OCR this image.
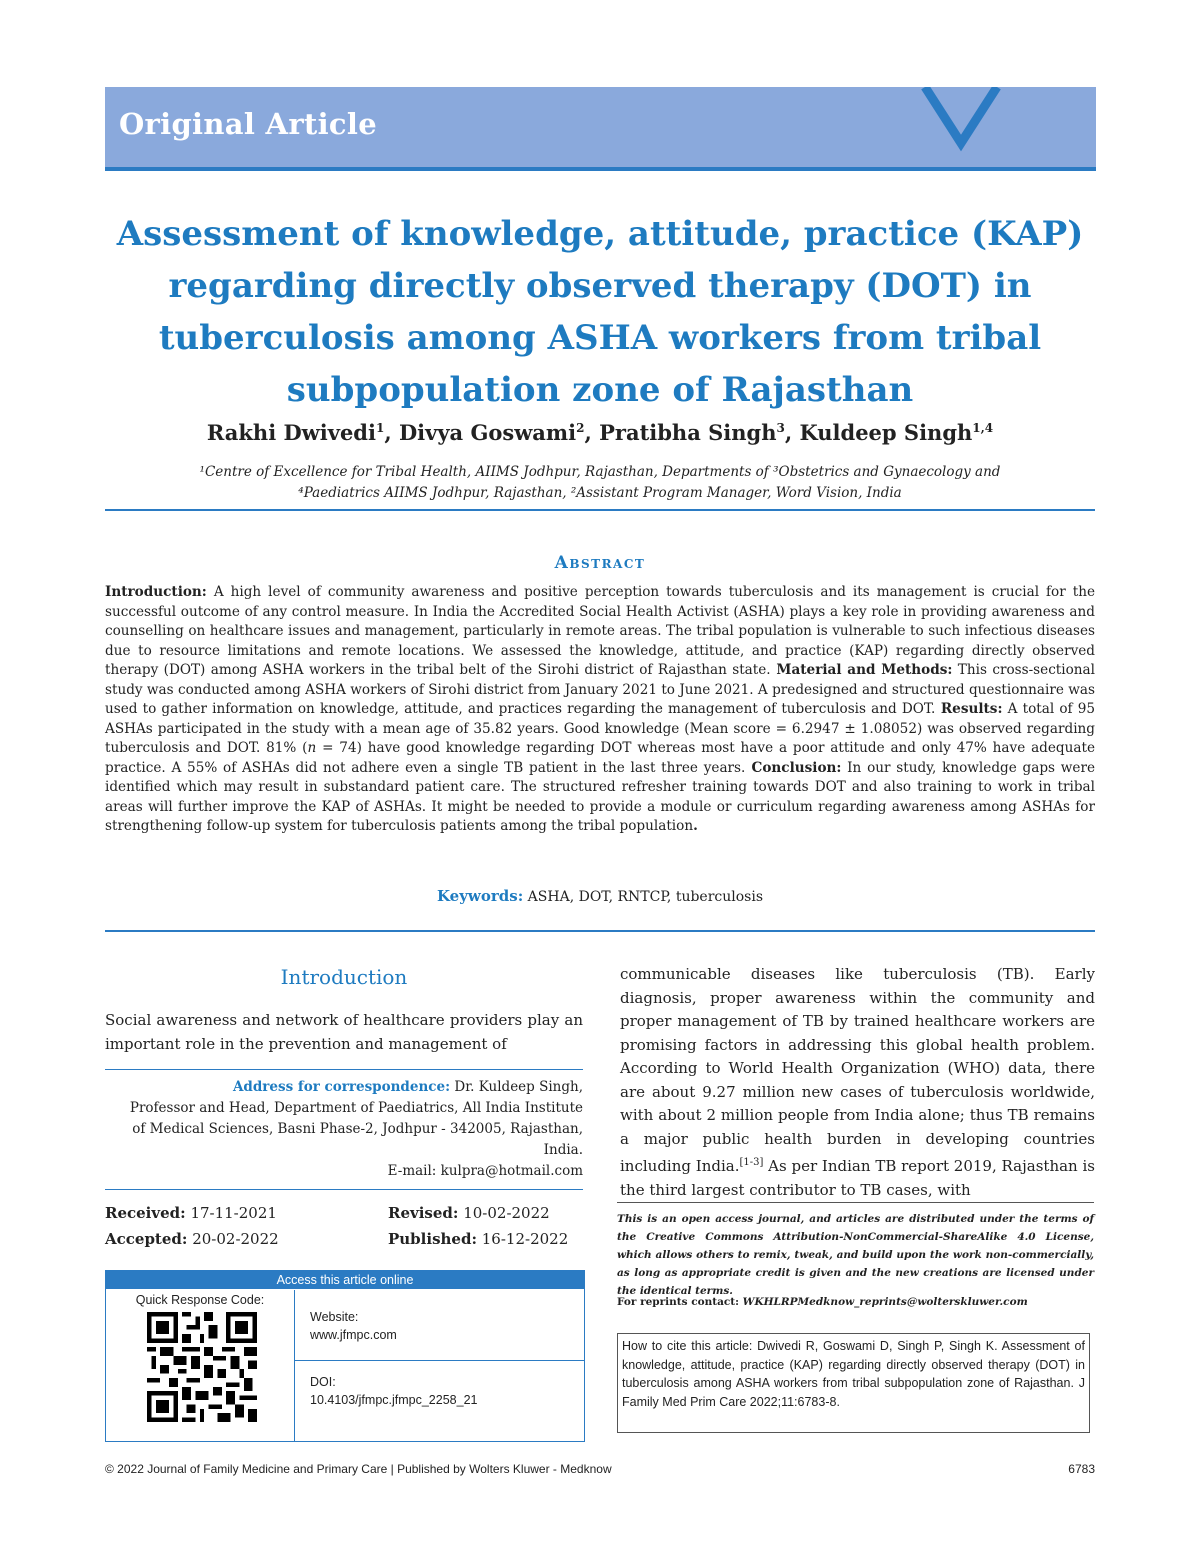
Original Article
Assessment of knowledge, attitude, practice (KAP)
regarding directly observed therapy (DOT) in
tuberculosis among ASHA workers from tribal
subpopulation zone of Rajasthan
Rakhi Dwivedi$^1$, Divya Goswami$^2$, Pratibha Singh$^3$, Kuldeep Singh$^{1,4}$
¹Centre of Excellence for Tribal Health, AIIMS Jodhpur, Rajasthan, Departments of ³Obstetrics and Gynaecology and
⁴Paediatrics AIIMS Jodhpur, Rajasthan, ²Assistant Program Manager, Word Vision, India
Abstract
Introduction: A high level of community awareness and positive perception towards tuberculosis and its management is crucial for the successful outcome of any control measure. In India the Accredited Social Health Activist (ASHA) plays a key role in providing awareness and counselling on healthcare issues and management, particularly in remote areas. The tribal population is vulnerable to such infectious diseases due to resource limitations and remote locations. We assessed the knowledge, attitude, and practice (KAP) regarding directly observed therapy (DOT) among ASHA workers in the tribal belt of the Sirohi district of Rajasthan state. Material and Methods: This cross-sectional study was conducted among ASHA workers of Sirohi district from January 2021 to June 2021. A predesigned and structured questionnaire was used to gather information on knowledge, attitude, and practices regarding the management of tuberculosis and DOT. Results: A total of 95 ASHAs participated in the study with a mean age of 35.82 years. Good knowledge (Mean score = 6.2947 ± 1.08052) was observed regarding tuberculosis and DOT. 81% (n = 74) have good knowledge regarding DOT whereas most have a poor attitude and only 47% have adequate practice. A 55% of ASHAs did not adhere even a single TB patient in the last three years. Conclusion: In our study, knowledge gaps were identified which may result in substandard patient care. The structured refresher training towards DOT and also training to work in tribal areas will further improve the KAP of ASHAs. It might be needed to provide a module or curriculum regarding awareness among ASHAs for strengthening follow-up system for tuberculosis patients among the tribal population.
Keywords: ASHA, DOT, RNTCP, tuberculosis
Introduction
Social awareness and network of healthcare providers play an important role in the prevention and management of
Address for correspondence: Dr. Kuldeep Singh,
Professor and Head, Department of Paediatrics, All India Institute
of Medical Sciences, Basni Phase-2, Jodhpur - 342005, Rajasthan,
India.
E-mail: kulpra@hotmail.com
Received: 17-11-2021	Revised: 10-02-2022
Accepted: 20-02-2022	Published: 16-12-2022
Access this article online
Quick Response Code:
Website:
www.jfmpc.com
DOI:
10.4103/jfmpc.jfmpc_2258_21
communicable diseases like tuberculosis (TB). Early diagnosis, proper awareness within the community and proper management of TB by trained healthcare workers are promising factors in addressing this global health problem. According to World Health Organization (WHO) data, there are about 9.27 million new cases of tuberculosis worldwide, with about 2 million people from India alone; thus TB remains a major public health burden in developing countries including India.[1-3] As per Indian TB report 2019, Rajasthan is the third largest contributor to TB cases, with
This is an open access journal, and articles are distributed under the terms of the Creative Commons Attribution-NonCommercial-ShareAlike 4.0 License, which allows others to remix, tweak, and build upon the work non-commercially, as long as appropriate credit is given and the new creations are licensed under the identical terms.
For reprints contact: WKHLRPMedknow_reprints@wolterskluwer.com
How to cite this article: Dwivedi R, Goswami D, Singh P, Singh K. Assessment of knowledge, attitude, practice (KAP) regarding directly observed therapy (DOT) in tuberculosis among ASHA workers from tribal subpopulation zone of Rajasthan. J Family Med Prim Care 2022;11:6783-8.
© 2022 Journal of Family Medicine and Primary Care | Published by Wolters Kluwer - Medknow	6783
